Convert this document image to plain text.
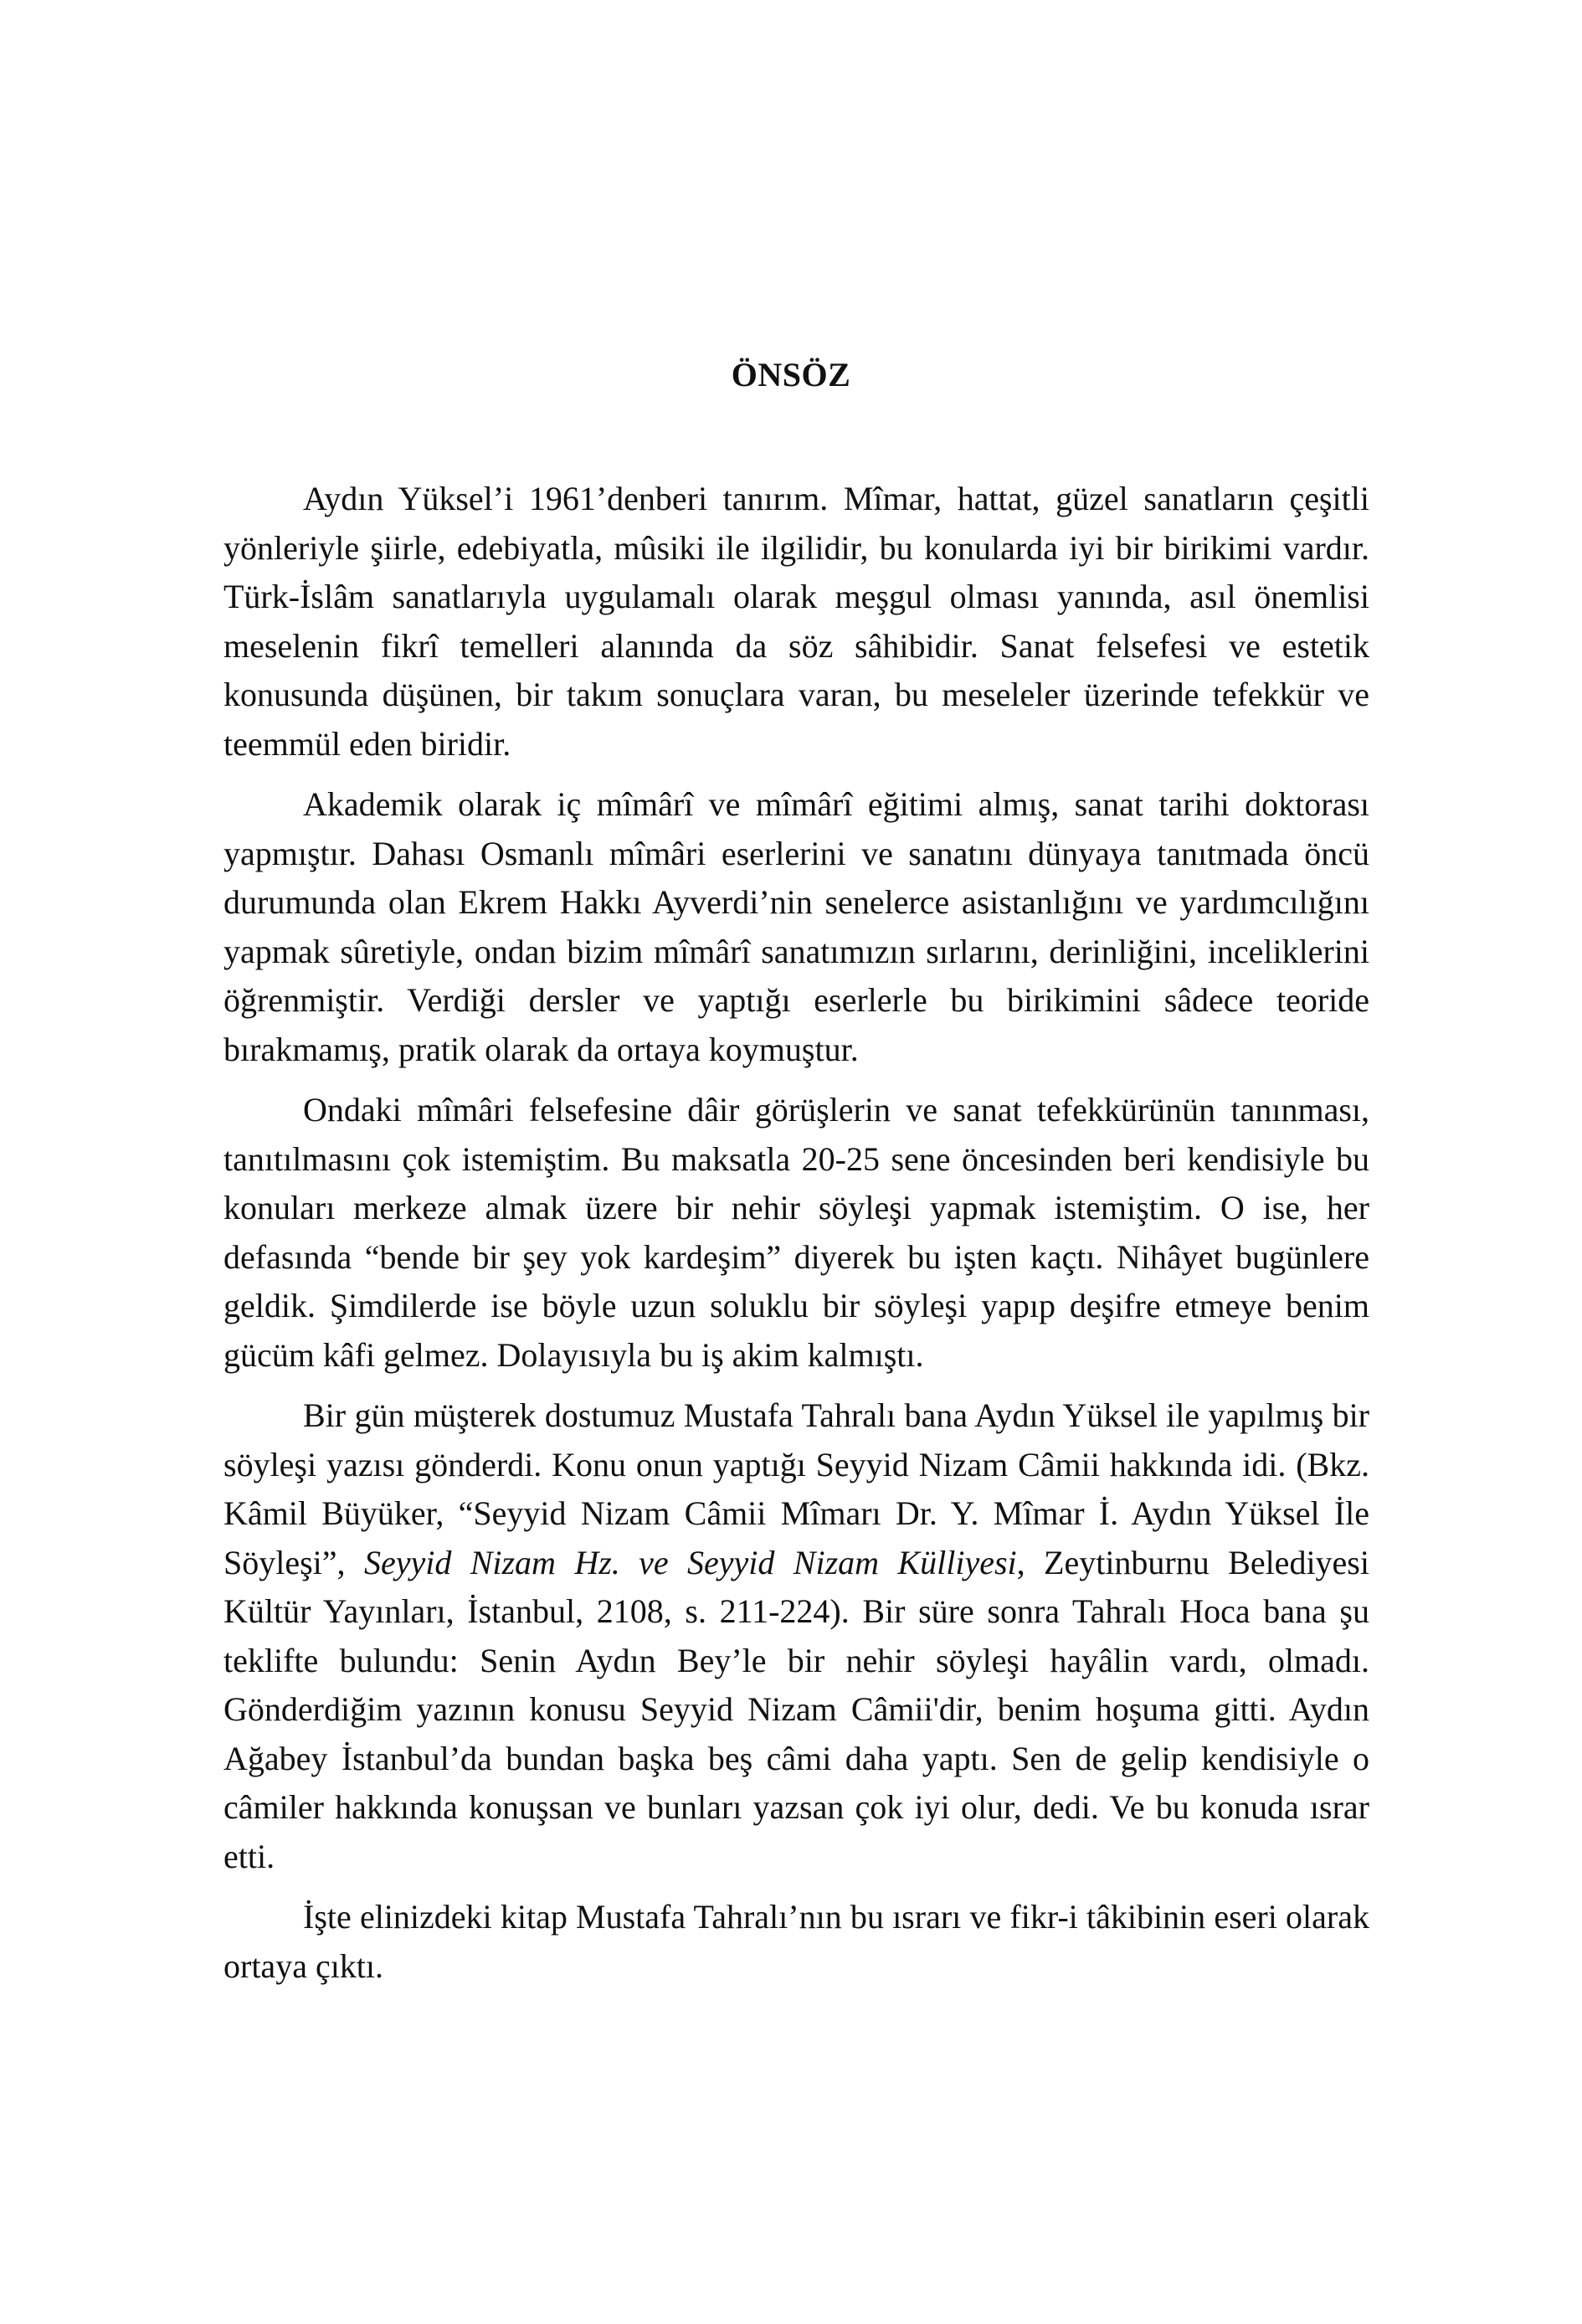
ÖNSÖZ

Aydın Yüksel’i 1961’denberi tanırım. Mîmar, hattat, güzel sanatların çeşitli yönleriyle şiirle, edebiyatla, mûsiki ile ilgilidir, bu konularda iyi bir birikimi vardır. Türk-İslâm sanatlarıyla uygulamalı olarak meşgul olması yanında, asıl önemlisi meselenin fikrî temelleri alanında da söz sâhibidir. Sanat felsefesi ve estetik konusunda düşünen, bir takım sonuçlara varan, bu meseleler üzerinde tefekkür ve teemmül eden biridir.

Akademik olarak iç mîmârî ve mîmârî eğitimi almış, sanat tarihi doktorası yapmıştır. Dahası Osmanlı mîmâri eserlerini ve sanatını dünyaya tanıtmada öncü durumunda olan Ekrem Hakkı Ayverdi’nin senelerce asistanlığını ve yardımcılığını yapmak sûretiyle, ondan bizim mîmârî sanatımızın sırlarını, derinliğini, inceliklerini öğrenmiştir. Verdiği dersler ve yaptığı eserlerle bu birikimini sâdece teoride bırakmamış, pratik olarak da ortaya koymuştur.

Ondaki mîmâri felsefesine dâir görüşlerin ve sanat tefekkürünün tanınması, tanıtılmasını çok istemiştim. Bu maksatla 20-25 sene öncesinden beri kendisiyle bu konuları merkeze almak üzere bir nehir söyleşi yapmak istemiştim. O ise, her defasında “bende bir şey yok kardeşim” diyerek bu işten kaçtı. Nihâyet bugünlere geldik. Şimdilerde ise böyle uzun soluklu bir söyleşi yapıp deşifre etmeye benim gücüm kâfi gelmez. Dolayısıyla bu iş akim kalmıştı.

Bir gün müşterek dostumuz Mustafa Tahralı bana Aydın Yüksel ile yapılmış bir söyleşi yazısı gönderdi. Konu onun yaptığı Seyyid Nizam Câmii hakkında idi. (Bkz. Kâmil Büyüker, “Seyyid Nizam Câmii Mîmarı Dr. Y. Mîmar İ. Aydın Yüksel İle Söyleşi”, Seyyid Nizam Hz. ve Seyyid Nizam Külliyesi, Zeytinburnu Belediyesi Kültür Yayınları, İstanbul, 2108, s. 211-224). Bir süre sonra Tahralı Hoca bana şu teklifte bulundu: Senin Aydın Bey’le bir nehir söyleşi hayâlin vardı, olmadı. Gönderdiğim yazının konusu Seyyid Nizam Câmii'dir, benim hoşuma gitti. Aydın Ağabey İstanbul’da bundan başka beş câmi daha yaptı. Sen de gelip kendisiyle o câmiler hakkında konuşsan ve bunları yazsan çok iyi olur, dedi. Ve bu konuda ısrar etti.

İşte elinizdeki kitap Mustafa Tahralı’nın bu ısrarı ve fikr-i tâkibinin eseri olarak ortaya çıktı.
